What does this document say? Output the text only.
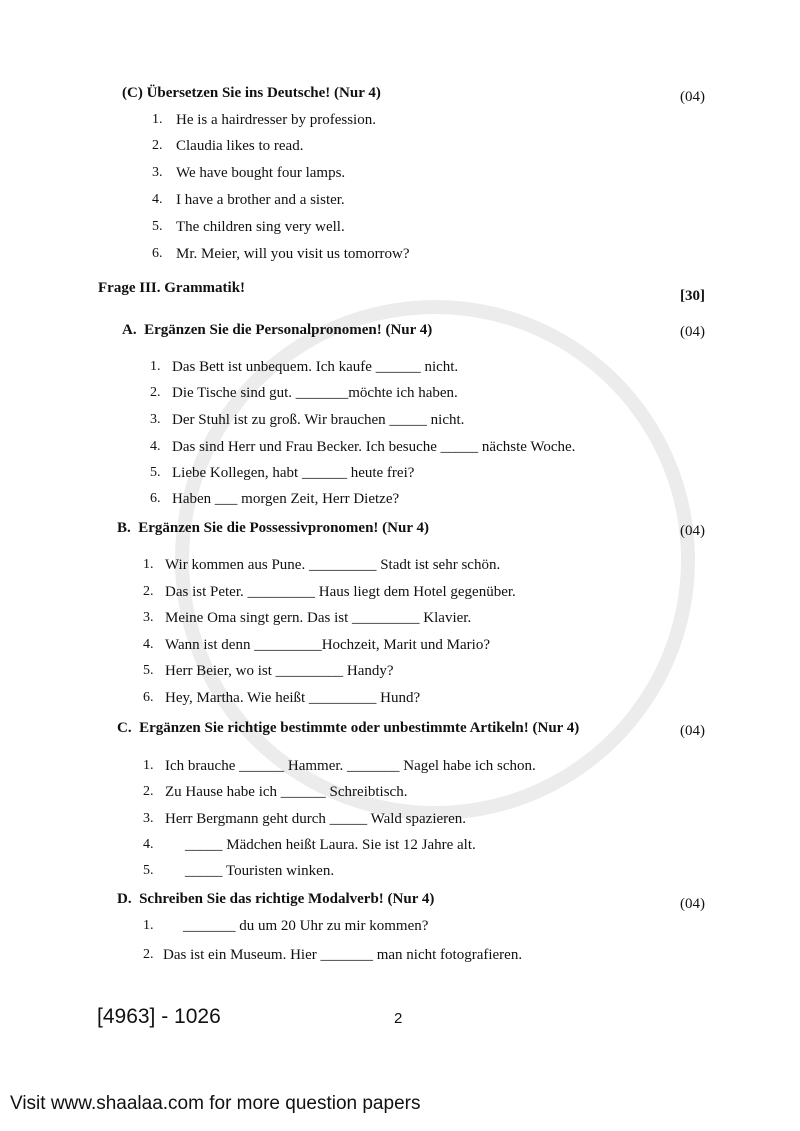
(C) Übersetzen Sie ins Deutsche! (Nur 4)	(04)
Frage III. Grammatik!	[30]
A.  Ergänzen Sie die Personalpronomen! (Nur 4)	(04)
B.  Ergänzen Sie die Possessivpronomen! (Nur 4)	(04)
C.  Ergänzen Sie richtige bestimmte oder unbestimmte Artikeln! (Nur 4)	(04)
D.  Schreiben Sie das richtige Modalverb! (Nur 4)	(04)
[4963] - 1026	2
Visit www.shaalaa.com for more question papers
1. He is a hairdresser by profession.
2. Claudia likes to read.
3. We have bought four lamps.
4. I have a brother and a sister.
5. The children sing very well.
6. Mr. Meier, will you visit us tomorrow?
1. Das Bett ist unbequem. Ich kaufe ______ nicht.
2. Die Tische sind gut. _______möchte ich haben.
3. Der Stuhl ist zu groß. Wir brauchen _____ nicht.
4. Das sind Herr und Frau Becker. Ich besuche _____ nächste Woche.
5. Liebe Kollegen, habt ______ heute frei?
6. Haben ___ morgen Zeit, Herr Dietze?
1. Wir kommen aus Pune. _________ Stadt ist sehr schön.
2. Das ist Peter. _________ Haus liegt dem Hotel gegenüber.
3. Meine Oma singt gern. Das ist _________ Klavier.
4. Wann ist denn _________Hochzeit, Marit und Mario?
5. Herr Beier, wo ist _________ Handy?
6. Hey, Martha. Wie heißt _________ Hund?
1. Ich brauche ______ Hammer. _______ Nagel habe ich schon.
2. Zu Hause habe ich ______ Schreibtisch.
3. Herr Bergmann geht durch _____ Wald spazieren.
4. _____ Mädchen heißt Laura. Sie ist 12 Jahre alt.
5. _____ Touristen winken.
1. _______ du um 20 Uhr zu mir kommen?
2. Das ist ein Museum. Hier _______ man nicht fotografieren.
